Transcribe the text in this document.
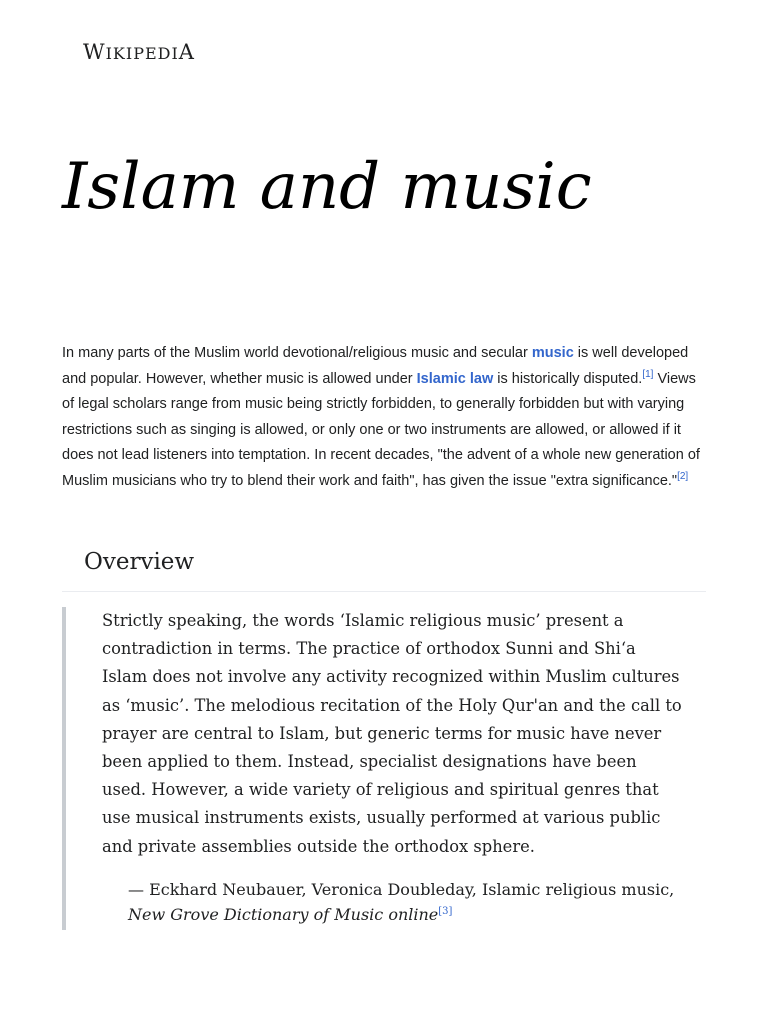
WIKIPEDIA
Islam and music

In many parts of the Muslim world devotional/religious music and secular music is well developed and popular. However, whether music is allowed under Islamic law is historically disputed.[1] Views of legal scholars range from music being strictly forbidden, to generally forbidden but with varying restrictions such as singing is allowed, or only one or two instruments are allowed, or allowed if it does not lead listeners into temptation. In recent decades, "the advent of a whole new generation of Muslim musicians who try to blend their work and faith", has given the issue "extra significance."[2]

Overview

Strictly speaking, the words ‘Islamic religious music’ present a contradiction in terms. The practice of orthodox Sunni and Shi‘a Islam does not involve any activity recognized within Muslim cultures as ‘music’. The melodious recitation of the Holy Qur'an and the call to prayer are central to Islam, but generic terms for music have never been applied to them. Instead, specialist designations have been used. However, a wide variety of religious and spiritual genres that use musical instruments exists, usually performed at various public and private assemblies outside the orthodox sphere.

— Eckhard Neubauer, Veronica Doubleday, Islamic religious music,
New Grove Dictionary of Music online[3]
